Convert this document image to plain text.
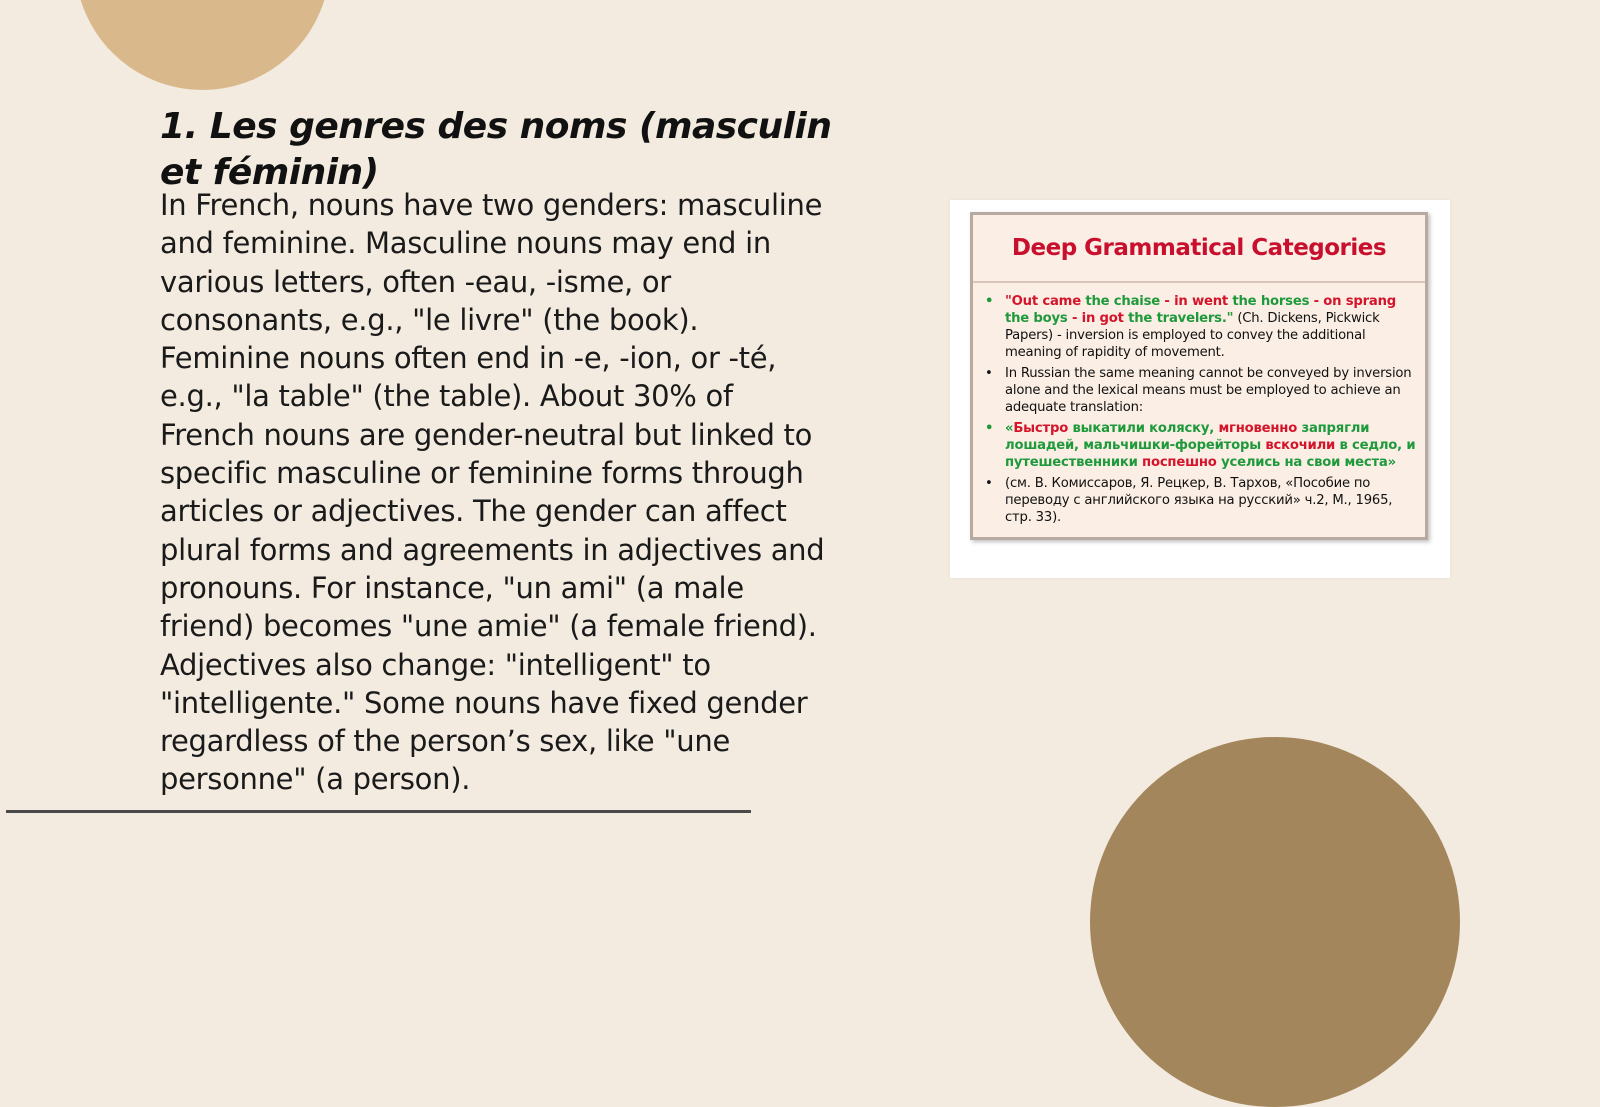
1. Les genres des noms (masculin et féminin)

In French, nouns have two genders: masculine and feminine. Masculine nouns may end in various letters, often -eau, -isme, or consonants, e.g., "le livre" (the book). Feminine nouns often end in -e, -ion, or -té, e.g., "la table" (the table). About 30% of French nouns are gender-neutral but linked to specific masculine or feminine forms through articles or adjectives. The gender can affect plural forms and agreements in adjectives and pronouns. For instance, "un ami" (a male friend) becomes "une amie" (a female friend). Adjectives also change: "intelligent" to "intelligente." Some nouns have fixed gender regardless of the person’s sex, like "une personne" (a person).

Deep Grammatical Categories
• "Out came the chaise - in went the horses - on sprang the boys - in got the travelers." (Ch. Dickens, Pickwick Papers) - inversion is employed to convey the additional meaning of rapidity of movement.
• In Russian the same meaning cannot be conveyed by inversion alone and the lexical means must be employed to achieve an adequate translation:
• «Быстро выкатили коляску, мгновенно запрягли лошадей, мальчишки-форейторы вскочили в седло, и путешественники поспешно уселись на свои места»
• (см. В. Комиссаров, Я. Рецкер, В. Тархов, «Пособие по переводу с английского языка на русский» ч.2, М., 1965, стр. 33).
